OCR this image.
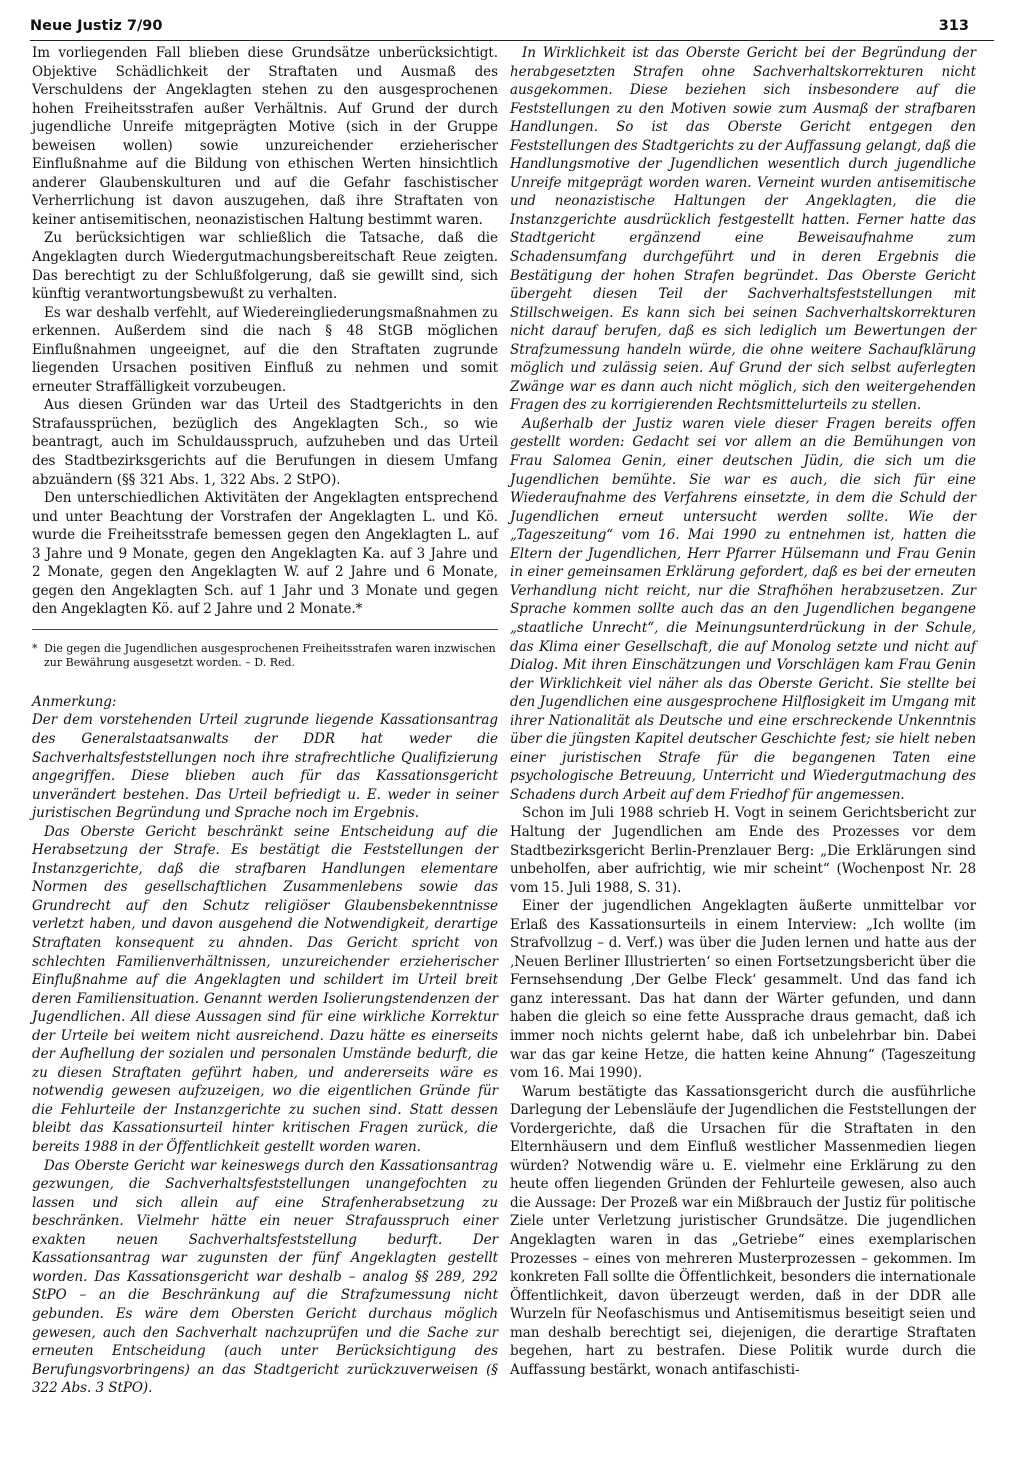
Neue Justiz 7/90	313

Im vorliegenden Fall blieben diese Grundsätze unberücksichtigt. Objektive Schädlichkeit der Straftaten und Ausmaß des Verschuldens der Angeklagten stehen zu den ausgesprochenen hohen Freiheitsstrafen außer Verhältnis. Auf Grund der durch jugendliche Unreife mitgeprägten Motive (sich in der Gruppe beweisen wollen) sowie unzureichender erzieherischer Einflußnahme auf die Bildung von ethischen Werten hinsichtlich anderer Glaubenskulturen und auf die Gefahr faschistischer Verherrlichung ist davon auszugehen, daß ihre Straftaten von keiner antisemitischen, neonazistischen Haltung bestimmt waren.

Zu berücksichtigen war schließlich die Tatsache, daß die Angeklagten durch Wiedergutmachungsbereitschaft Reue zeigten. Das berechtigt zu der Schlußfolgerung, daß sie gewillt sind, sich künftig verantwortungsbewußt zu verhalten.

Es war deshalb verfehlt, auf Wiedereingliederungsmaßnahmen zu erkennen. Außerdem sind die nach § 48 StGB möglichen Einflußnahmen ungeeignet, auf die den Straftaten zugrunde liegenden Ursachen positiven Einfluß zu nehmen und somit erneuter Straffälligkeit vorzubeugen.

Aus diesen Gründen war das Urteil des Stadtgerichts in den Strafaussprüchen, bezüglich des Angeklagten Sch., so wie beantragt, auch im Schuldausspruch, aufzuheben und das Urteil des Stadtbezirksgerichts auf die Berufungen in diesem Umfang abzuändern (§§ 321 Abs. 1, 322 Abs. 2 StPO).

Den unterschiedlichen Aktivitäten der Angeklagten entsprechend und unter Beachtung der Vorstrafen der Angeklagten L. und Kö. wurde die Freiheitsstrafe bemessen gegen den Angeklagten L. auf 3 Jahre und 9 Monate, gegen den Angeklagten Ka. auf 3 Jahre und 2 Monate, gegen den Angeklagten W. auf 2 Jahre und 6 Monate, gegen den Angeklagten Sch. auf 1 Jahr und 3 Monate und gegen den Angeklagten Kö. auf 2 Jahre und 2 Monate.*

* Die gegen die Jugendlichen ausgesprochenen Freiheitsstrafen waren inzwischen zur Bewährung ausgesetzt worden. – D. Red.

Anmerkung:

Der dem vorstehenden Urteil zugrunde liegende Kassationsantrag des Generalstaatsanwalts der DDR hat weder die Sachverhaltsfeststellungen noch ihre strafrechtliche Qualifizierung angegriffen. Diese blieben auch für das Kassationsgericht unverändert bestehen. Das Urteil befriedigt u. E. weder in seiner juristischen Begründung und Sprache noch im Ergebnis.

Das Oberste Gericht beschränkt seine Entscheidung auf die Herabsetzung der Strafe. Es bestätigt die Feststellungen der Instanzgerichte, daß die strafbaren Handlungen elementare Normen des gesellschaftlichen Zusammenlebens sowie das Grundrecht auf den Schutz religiöser Glaubensbekenntnisse verletzt haben, und davon ausgehend die Notwendigkeit, derartige Straftaten konsequent zu ahnden. Das Gericht spricht von schlechten Familienverhältnissen, unzureichender erzieherischer Einflußnahme auf die Angeklagten und schildert im Urteil breit deren Familiensituation. Genannt werden Isolierungstendenzen der Jugendlichen. All diese Aussagen sind für eine wirkliche Korrektur der Urteile bei weitem nicht ausreichend. Dazu hätte es einerseits der Aufhellung der sozialen und personalen Umstände bedurft, die zu diesen Straftaten geführt haben, und andererseits wäre es notwendig gewesen aufzuzeigen, wo die eigentlichen Gründe für die Fehlurteile der Instanzgerichte zu suchen sind. Statt dessen bleibt das Kassationsurteil hinter kritischen Fragen zurück, die bereits 1988 in der Öffentlichkeit gestellt worden waren.

Das Oberste Gericht war keineswegs durch den Kassationsantrag gezwungen, die Sachverhaltsfeststellungen unangefochten zu lassen und sich allein auf eine Strafenherabsetzung zu beschränken. Vielmehr hätte ein neuer Strafausspruch einer exakten neuen Sachverhaltsfeststellung bedurft. Der Kassationsantrag war zugunsten der fünf Angeklagten gestellt worden. Das Kassationsgericht war deshalb – analog §§ 289, 292 StPO – an die Beschränkung auf die Strafzumessung nicht gebunden. Es wäre dem Obersten Gericht durchaus möglich gewesen, auch den Sachverhalt nachzuprüfen und die Sache zur erneuten Entscheidung (auch unter Berücksichtigung des Berufungsvorbringens) an das Stadtgericht zurückzuverweisen (§ 322 Abs. 3 StPO).

In Wirklichkeit ist das Oberste Gericht bei der Begründung der herabgesetzten Strafen ohne Sachverhaltskorrekturen nicht ausgekommen. Diese beziehen sich insbesondere auf die Feststellungen zu den Motiven sowie zum Ausmaß der strafbaren Handlungen. So ist das Oberste Gericht entgegen den Feststellungen des Stadtgerichts zu der Auffassung gelangt, daß die Handlungsmotive der Jugendlichen wesentlich durch jugendliche Unreife mitgeprägt worden waren. Verneint wurden antisemitische und neonazistische Haltungen der Angeklagten, die die Instanzgerichte ausdrücklich festgestellt hatten. Ferner hatte das Stadtgericht ergänzend eine Beweisaufnahme zum Schadensumfang durchgeführt und in deren Ergebnis die Bestätigung der hohen Strafen begründet. Das Oberste Gericht übergeht diesen Teil der Sachverhaltsfeststellungen mit Stillschweigen. Es kann sich bei seinen Sachverhaltskorrekturen nicht darauf berufen, daß es sich lediglich um Bewertungen der Strafzumessung handeln würde, die ohne weitere Sachaufklärung möglich und zulässig seien. Auf Grund der sich selbst auferlegten Zwänge war es dann auch nicht möglich, sich den weitergehenden Fragen des zu korrigierenden Rechtsmittelurteils zu stellen.

Außerhalb der Justiz waren viele dieser Fragen bereits offen gestellt worden: Gedacht sei vor allem an die Bemühungen von Frau Salomea Genin, einer deutschen Jüdin, die sich um die Jugendlichen bemühte. Sie war es auch, die sich für eine Wiederaufnahme des Verfahrens einsetzte, in dem die Schuld der Jugendlichen erneut untersucht werden sollte. Wie der „Tageszeitung“ vom 16. Mai 1990 zu entnehmen ist, hatten die Eltern der Jugendlichen, Herr Pfarrer Hülsemann und Frau Genin in einer gemeinsamen Erklärung gefordert, daß es bei der erneuten Verhandlung nicht reicht, nur die Strafhöhen herabzusetzen. Zur Sprache kommen sollte auch das an den Jugendlichen begangene „staatliche Unrecht“, die Meinungsunterdrückung in der Schule, das Klima einer Gesellschaft, die auf Monolog setzte und nicht auf Dialog. Mit ihren Einschätzungen und Vorschlägen kam Frau Genin der Wirklichkeit viel näher als das Oberste Gericht. Sie stellte bei den Jugendlichen eine ausgesprochene Hilflosigkeit im Umgang mit ihrer Nationalität als Deutsche und eine erschreckende Unkenntnis über die jüngsten Kapitel deutscher Geschichte fest; sie hielt neben einer juristischen Strafe für die begangenen Taten eine psychologische Betreuung, Unterricht und Wiedergutmachung des Schadens durch Arbeit auf dem Friedhof für angemessen.

Schon im Juli 1988 schrieb H. Vogt in seinem Gerichtsbericht zur Haltung der Jugendlichen am Ende des Prozesses vor dem Stadtbezirksgericht Berlin-Prenzlauer Berg: „Die Erklärungen sind unbeholfen, aber aufrichtig, wie mir scheint“ (Wochenpost Nr. 28 vom 15. Juli 1988, S. 31).

Einer der jugendlichen Angeklagten äußerte unmittelbar vor Erlaß des Kassationsurteils in einem Interview: „Ich wollte (im Strafvollzug – d. Verf.) was über die Juden lernen und hatte aus der ‚Neuen Berliner Illustrierten‘ so einen Fortsetzungsbericht über die Fernsehsendung ‚Der Gelbe Fleck‘ gesammelt. Und das fand ich ganz interessant. Das hat dann der Wärter gefunden, und dann haben die gleich so eine fette Aussprache draus gemacht, daß ich immer noch nichts gelernt habe, daß ich unbelehrbar bin. Dabei war das gar keine Hetze, die hatten keine Ahnung“ (Tageszeitung vom 16. Mai 1990).

Warum bestätigte das Kassationsgericht durch die ausführliche Darlegung der Lebensläufe der Jugendlichen die Feststellungen der Vordergerichte, daß die Ursachen für die Straftaten in den Elternhäusern und dem Einfluß westlicher Massenmedien liegen würden? Notwendig wäre u. E. vielmehr eine Erklärung zu den heute offen liegenden Gründen der Fehlurteile gewesen, also auch die Aussage: Der Prozeß war ein Mißbrauch der Justiz für politische Ziele unter Verletzung juristischer Grundsätze. Die jugendlichen Angeklagten waren in das „Getriebe“ eines exemplarischen Prozesses – eines von mehreren Musterprozessen – gekommen. Im konkreten Fall sollte die Öffentlichkeit, besonders die internationale Öffentlichkeit, davon überzeugt werden, daß in der DDR alle Wurzeln für Neofaschismus und Antisemitismus beseitigt seien und man deshalb berechtigt sei, diejenigen, die derartige Straftaten begehen, hart zu bestrafen. Diese Politik wurde durch die Auffassung bestärkt, wonach antifaschisti-
